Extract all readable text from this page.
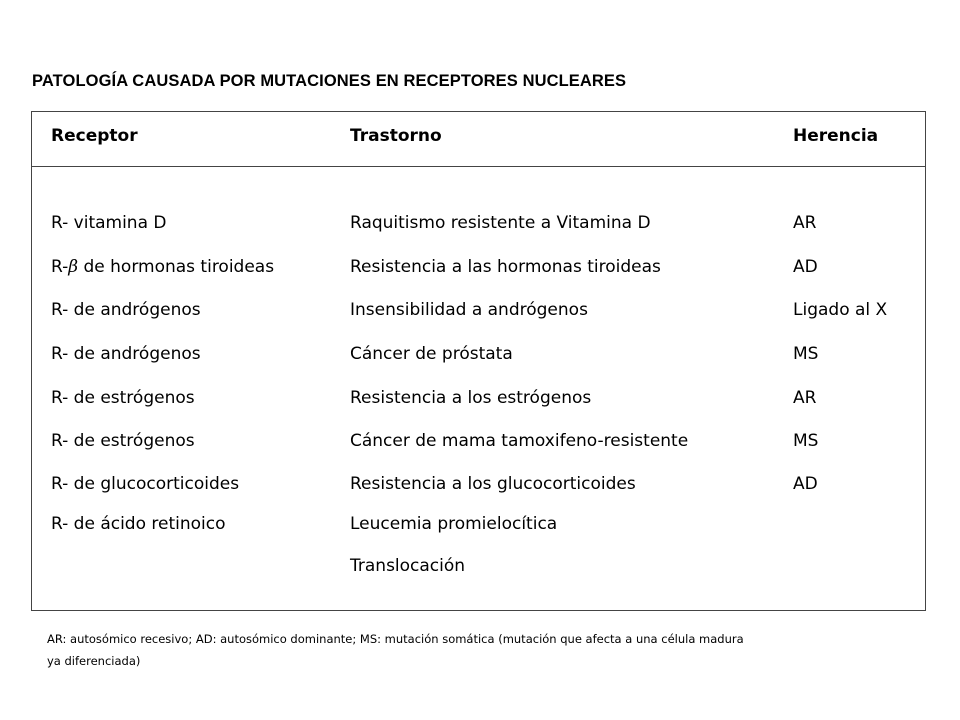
PATOLOGÍA CAUSADA POR MUTACIONES EN RECEPTORES NUCLEARES
Receptor	Trastorno	Herencia
R- vitamina D	Raquitismo resistente a Vitamina D	AR
R-β de hormonas tiroideas	Resistencia a las hormonas tiroideas	AD
R- de andrógenos	Insensibilidad a andrógenos	Ligado al X
R- de andrógenos	Cáncer de próstata	MS
R- de estrógenos	Resistencia a los estrógenos	AR
R- de estrógenos	Cáncer de mama tamoxifeno-resistente	MS
R- de glucocorticoides	Resistencia a los glucocorticoides	AD
R- de ácido retinoico	Leucemia promielocítica
Translocación
AR: autosómico recesivo; AD: autosómico dominante; MS: mutación somática (mutación que afecta a una célula madura
ya diferenciada)
